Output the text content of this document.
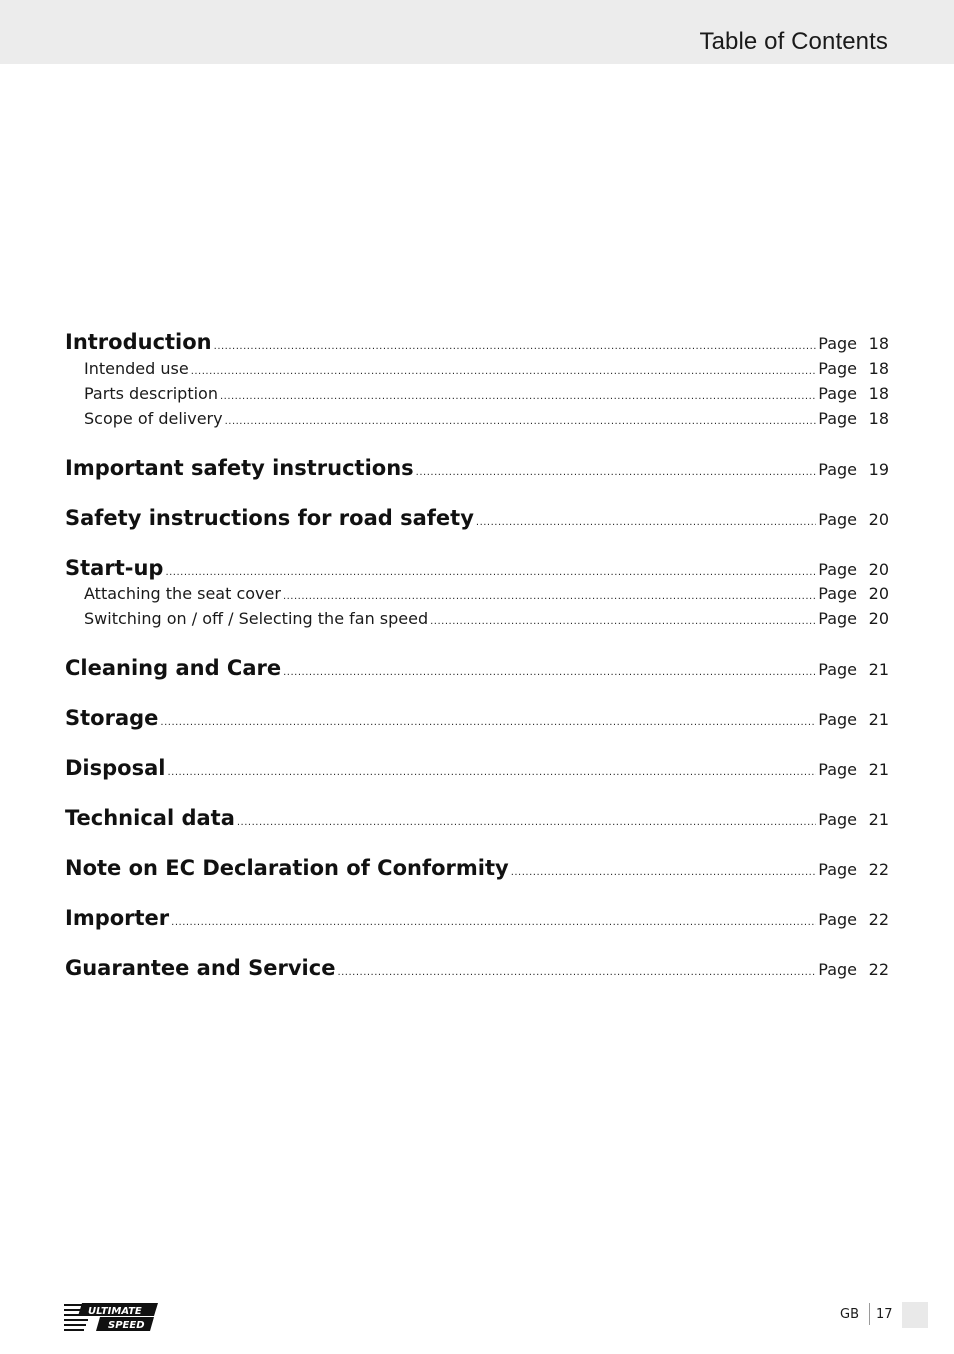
Table of Contents
Introduction .....	Page 18
Intended use .....	Page 18
Parts description .....	Page 18
Scope of delivery .....	Page 18
Important safety instructions .....	Page 19
Safety instructions for road safety .....	Page 20
Start-up .....	Page 20
Attaching the seat cover .....	Page 20
Switching on / off / Selecting the fan speed .....	Page 20
Cleaning and Care .....	Page 21
Storage .....	Page 21
Disposal .....	Page 21
Technical data .....	Page 21
Note on EC Declaration of Conformity .....	Page 22
Importer .....	Page 22
Guarantee and Service .....	Page 22
ULTIMATE
SPEED
GB 17
